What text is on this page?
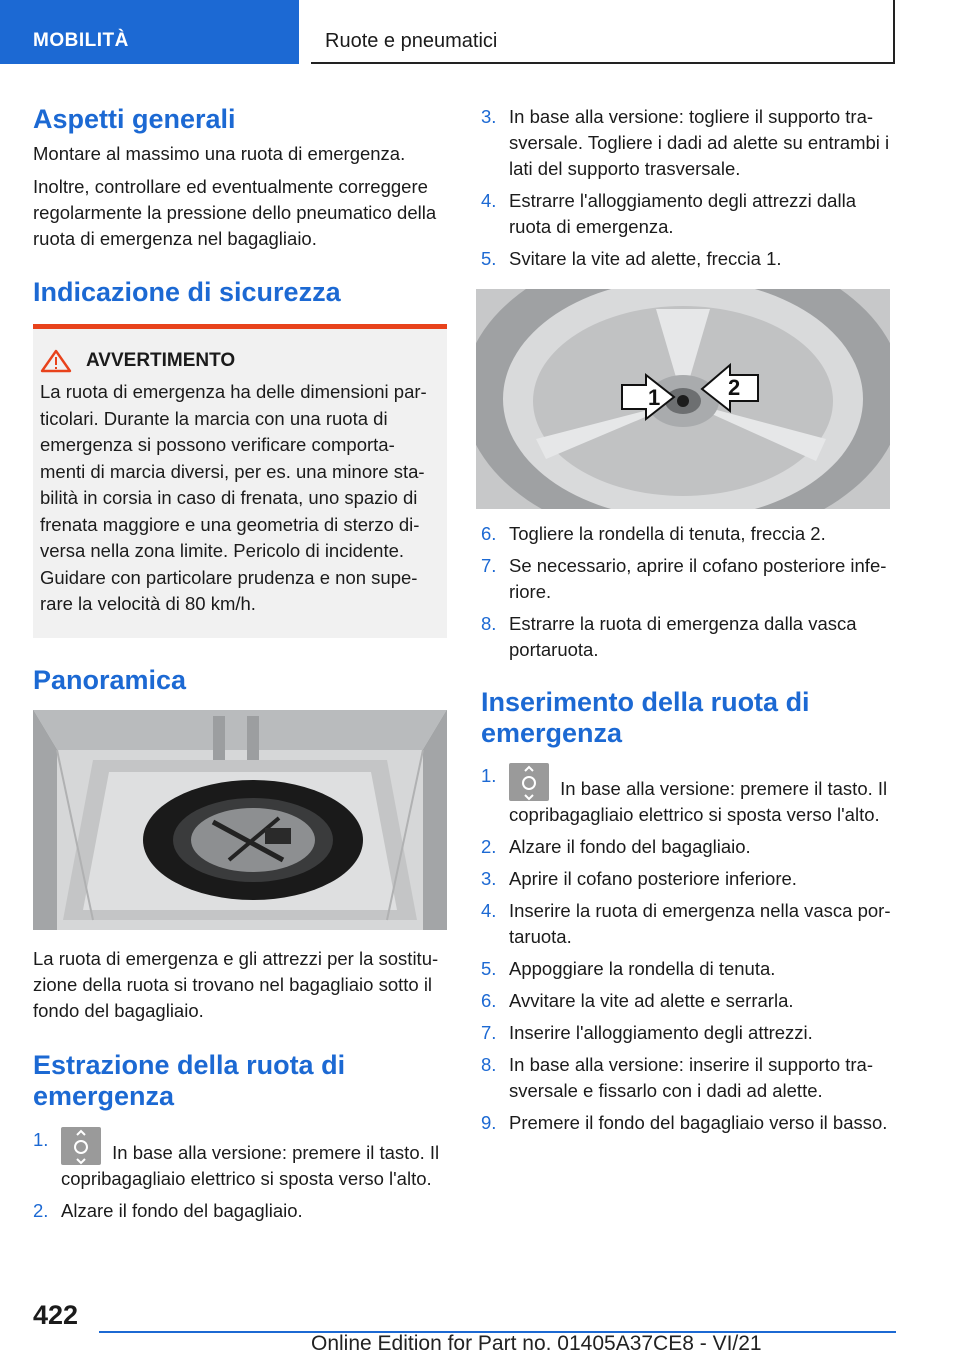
MOBILITÀ	Ruote e pneumatici
Aspetti generali

Montare al massimo una ruota di emergenza.

Inoltre, controllare ed eventualmente correggere regolarmente la pressione dello pneumatico della ruota di emergenza nel bagagliaio.

Indicazione di sicurezza
AVVERTIMENTO

La ruota di emergenza ha delle dimensioni par-ticolari. Durante la marcia con una ruota di emergenza si possono verificare comporta-menti di marcia diversi, per es. una minore sta-bilità in corsia in caso di frenata, uno spazio di frenata maggiore e una geometria di sterzo di-versa nella zona limite. Pericolo di incidente. Guidare con particolare prudenza e non supe-rare la velocità di 80 km/h.

Panoramica

La ruota di emergenza e gli attrezzi per la sostitu-zione della ruota si trovano nel bagagliaio sotto il fondo del bagagliaio.

Estrazione della ruota di emergenza
1.
In base alla versione: premere il tasto. Il copribagagliaio elettrico si sposta verso l'alto.
2. Alzare il fondo del bagagliaio.
3. In base alla versione: togliere il supporto tra-sversale. Togliere i dadi ad alette su entrambi i lati del supporto trasversale.
4. Estrarre l'alloggiamento degli attrezzi dalla ruota di emergenza.
5. Svitare la vite ad alette, freccia 1.
1	2
6. Togliere la rondella di tenuta, freccia 2.
7. Se necessario, aprire il cofano posteriore infe-riore.
8. Estrarre la ruota di emergenza dalla vasca portaruota.
Inserimento della ruota di emergenza
1.
In base alla versione: premere il tasto. Il copribagagliaio elettrico si sposta verso l'alto.
2. Alzare il fondo del bagagliaio.
3. Aprire il cofano posteriore inferiore.
4. Inserire la ruota di emergenza nella vasca por-taruota.
5. Appoggiare la rondella di tenuta.
6. Avvitare la vite ad alette e serrarla.
7. Inserire l'alloggiamento degli attrezzi.
8. In base alla versione: inserire il supporto tra-sversale e fissarlo con i dadi ad alette.
9. Premere il fondo del bagagliaio verso il basso.
422
Online Edition for Part no. 01405A37CE8 - VI/21
